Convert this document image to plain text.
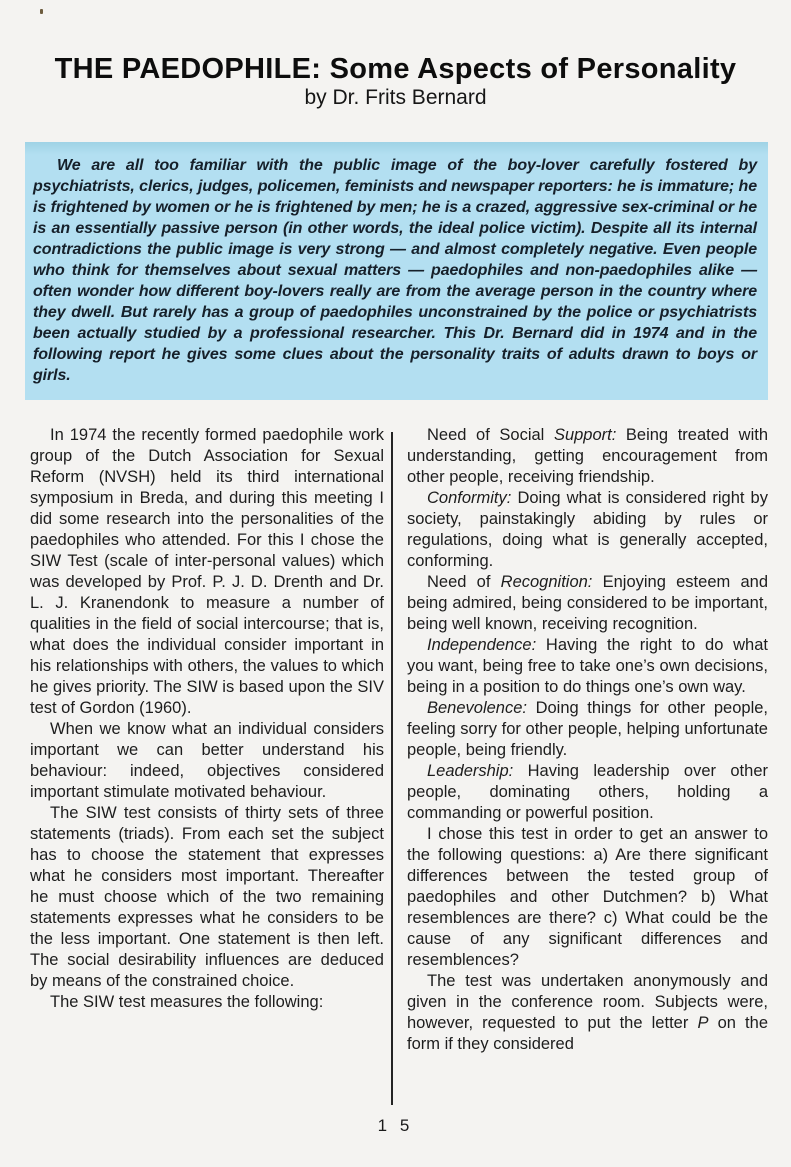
THE PAEDOPHILE: Some Aspects of Personality
by Dr. Frits Bernard

We are all too familiar with the public image of the boy-lover carefully fostered by psychiatrists, clerics, judges, policemen, feminists and newspaper reporters: he is immature; he is frightened by women or he is frightened by men; he is a crazed, aggressive sex-criminal or he is an essentially passive person (in other words, the ideal police victim). Despite all its internal contradictions the public image is very strong — and almost completely negative. Even people who think for themselves about sexual matters — paedophiles and non-paedophiles alike — often wonder how different boy-lovers really are from the average person in the country where they dwell. But rarely has a group of paedophiles unconstrained by the police or psychiatrists been actually studied by a professional researcher. This Dr. Bernard did in 1974 and in the following report he gives some clues about the personality traits of adults drawn to boys or girls.

In 1974 the recently formed paedophile work group of the Dutch Association for Sexual Reform (NVSH) held its third international symposium in Breda, and during this meeting I did some research into the personalities of the paedophiles who attended. For this I chose the SIW Test (scale of inter-personal values) which was developed by Prof. P. J. D. Drenth and Dr. L. J. Kranendonk to measure a number of qualities in the field of social intercourse; that is, what does the individual consider important in his relationships with others, the values to which he gives priority. The SIW is based upon the SIV test of Gordon (1960).

When we know what an individual considers important we can better understand his behaviour: indeed, objectives considered important stimulate motivated behaviour.

The SIW test consists of thirty sets of three statements (triads). From each set the subject has to choose the statement that expresses what he considers most important. Thereafter he must choose which of the two remaining statements expresses what he considers to be the less important. One statement is then left. The social desirability influences are deduced by means of the constrained choice.

The SIW test measures the following:

Need of Social Support: Being treated with understanding, getting encouragement from other people, receiving friendship.

Conformity: Doing what is considered right by society, painstakingly abiding by rules or regulations, doing what is generally accepted, conforming.

Need of Recognition: Enjoying esteem and being admired, being considered to be important, being well known, receiving recognition.

Independence: Having the right to do what you want, being free to take one’s own decisions, being in a position to do things one’s own way.

Benevolence: Doing things for other people, feeling sorry for other people, helping unfortunate people, being friendly.

Leadership: Having leadership over other people, dominating others, holding a commanding or powerful position.

I chose this test in order to get an answer to the following questions: a) Are there significant differences between the tested group of paedophiles and other Dutchmen? b) What resemblences are there? c) What could be the cause of any significant differences and resemblences?

The test was undertaken anonymously and given in the conference room. Subjects were, however, requested to put the letter P on the form if they considered

1 5
